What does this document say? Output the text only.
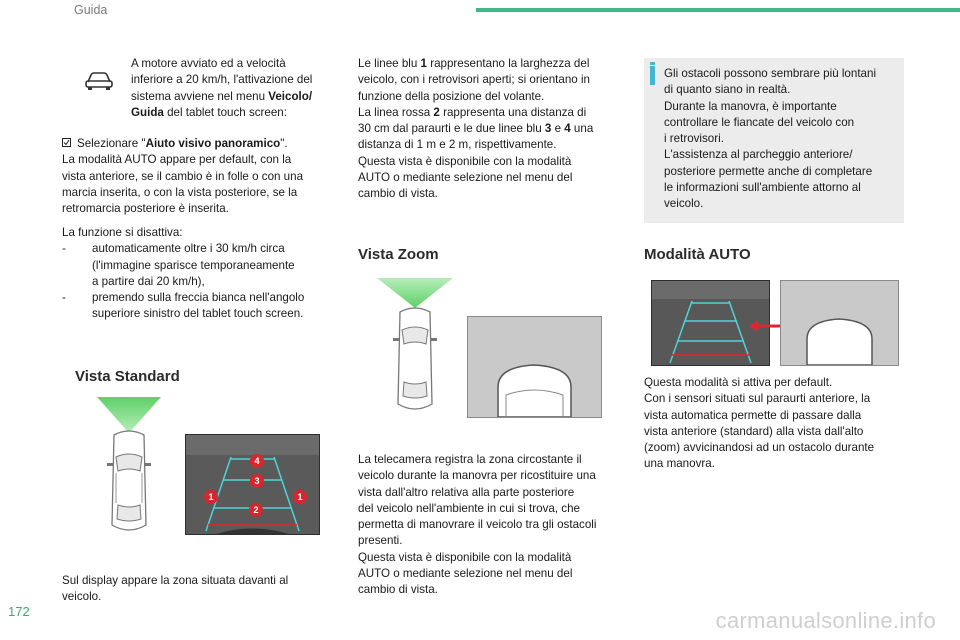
Guida

A motore avviato ed a velocità

inferiore a 20 km/h, l'attivazione del

sistema avviene nel menu Veicolo/

Guida del tablet touch screen:

Selezionare "Aiuto visivo panoramico".

La modalità AUTO appare per default, con la

vista anteriore, se il cambio è in folle o con una

marcia inserita, o con la vista posteriore, se la

retromarcia posteriore è inserita.

La funzione si disattiva:

- automaticamente oltre i 30 km/h circa
(l'immagine sparisce temporaneamente
a partire dai 20 km/h),
- premendo sulla freccia bianca nell'angolo
superiore sinistro del tablet touch screen.
Vista Standard
4
3
1	1
2

Sul display appare la zona situata davanti al

veicolo.

Le linee blu 1 rappresentano la larghezza del

veicolo, con i retrovisori aperti; si orientano in

funzione della posizione del volante.

La linea rossa 2 rappresenta una distanza di

30 cm dal paraurti e le due linee blu 3 e 4 una

distanza di 1 m e 2 m, rispettivamente.

Questa vista è disponibile con la modalità

AUTO o mediante selezione nel menu del

cambio di vista.

Vista Zoom

La telecamera registra la zona circostante il

veicolo durante la manovra per ricostituire una

vista dall'altro relativa alla parte posteriore

del veicolo nell'ambiente in cui si trova, che

permetta di manovrare il veicolo tra gli ostacoli

presenti.

Questa vista è disponibile con la modalità

AUTO o mediante selezione nel menu del

cambio di vista.

Gli ostacoli possono sembrare più lontani

di quanto siano in realtà.

Durante la manovra, è importante

controllare le fiancate del veicolo con

i retrovisori.

L'assistenza al parcheggio anteriore/

posteriore permette anche di completare

le informazioni sull'ambiente attorno al

veicolo.

Modalità AUTO

Questa modalità si attiva per default.

Con i sensori situati sul paraurti anteriore, la

vista automatica permette di passare dalla

vista anteriore (standard) alla vista dall'alto

(zoom) avvicinandosi ad un ostacolo durante

una manovra.

172	carmanualsonline.info
